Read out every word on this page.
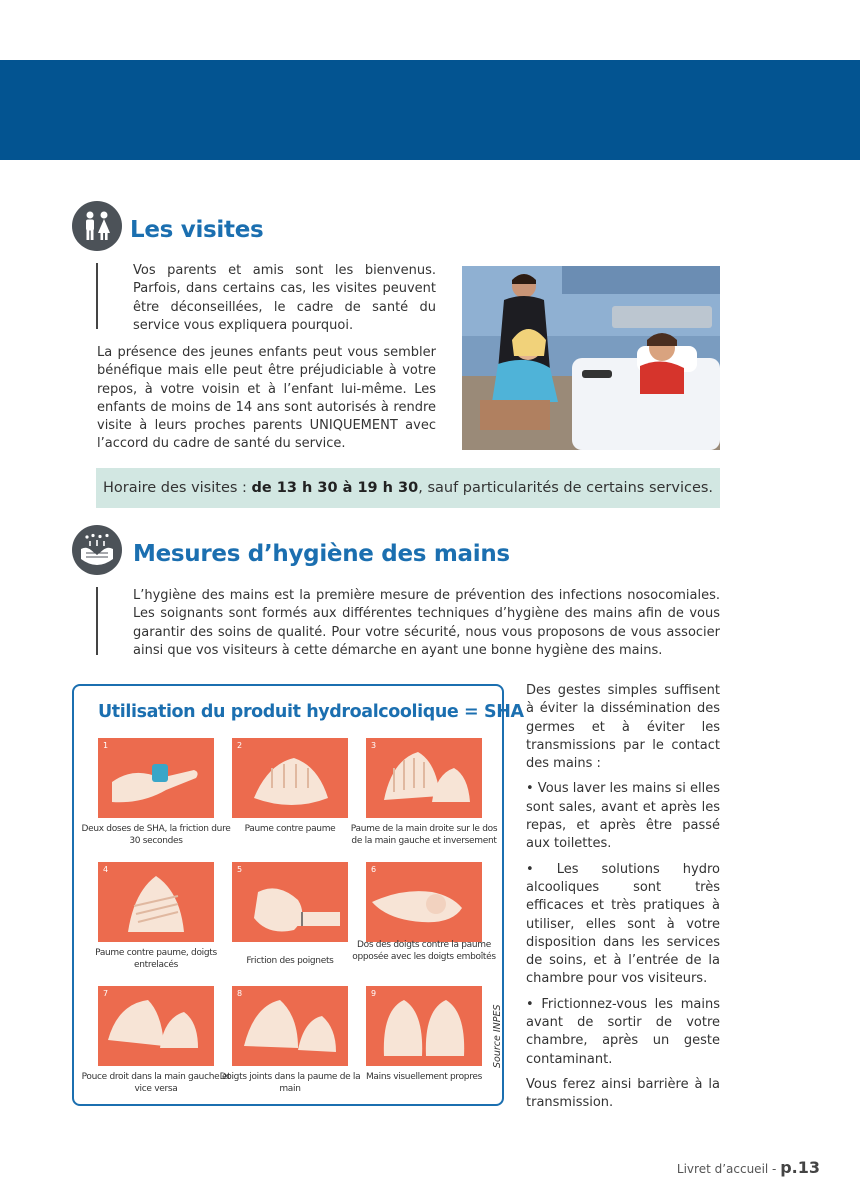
Les visites

Vos parents et amis sont les bienvenus. Parfois, dans certains cas, les visites peuvent être déconseillées, le cadre de santé du service vous expliquera pourquoi.

La présence des jeunes enfants peut vous sembler bénéfique mais elle peut être préjudiciable à votre repos, à votre voisin et à l’enfant lui-même. Les enfants de moins de 14 ans sont autorisés à rendre visite à leurs proches parents UNIQUEMENT avec l’accord du cadre de santé du service.

Horaire des visites : de 13 h 30 à 19 h 30 , sauf particularités de certains services.
Mesures d’hygiène des mains

L’hygiène des mains est la première mesure de prévention des infections nosocomiales. Les soignants sont formés aux différentes techniques d’hygiène des mains afin de vous garantir des soins de qualité. Pour votre sécurité, nous vous proposons de vous associer ainsi que vos visiteurs à cette démarche en ayant une bonne hygiène des mains.

Utilisation du produit hydroalcoolique = SHA
1
Deux doses de SHA, la friction dure 30 secondes
2
Paume contre paume
3
Paume de la main droite sur le dos de la main gauche et inversement
4
Paume contre paume, doigts entrelacés
5
Friction des poignets
6
Dos des doigts contre la paume opposée avec les doigts emboîtés
7
Pouce droit dans la main gauche et vice versa
8
Doigts joints dans la paume de la main
9
Mains visuellement propres
Source INPES

Des gestes simples suffisent à éviter la dissémination des germes et à éviter les transmissions par le contact des mains :

• Vous laver les mains si elles sont sales, avant et après les repas, et après être passé aux toilettes.

• Les solutions hydro alcooliques sont très efficaces et très pratiques à utiliser, elles sont à votre disposition dans les services de soins, et à l’entrée de la chambre pour vos visiteurs.

• Frictionnez-vous les mains avant de sortir de votre chambre, après un geste contaminant.

Vous ferez ainsi barrière à la transmission.

Livret d’accueil - p.13
